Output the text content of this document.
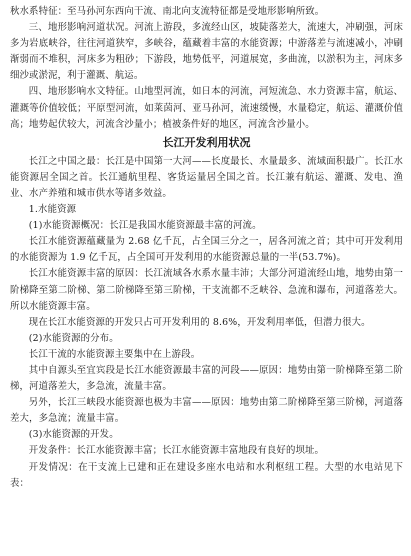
秋水系特征：至马孙河东西向干流、南北向支流特征都是受地形影响所致。

三、地形影响河道状况。河流上游段，多流经山区，坡陡落差大，流速大，冲刷强，河床多为岩底峡谷，往往河道狭窄，多峡谷，蕴藏着丰富的水能资源；中游落差与流速减小，冲刷渐弱而不堆积，河床多为粗砂；下游段，地势低平，河道展宽，多曲流，以淤积为主，河床多细沙或淤泥，利于灌溉、航运。

四、地形影响水文特征。山地型河流，如日本的河流，河短流急、水力资源丰富，航运、灌溉等价值较低；平原型河流，如莱茵河、亚马孙河，流速缓慢，水量稳定，航运、灌溉价值高；地势起伏较大，河流含沙量小；植被条件好的地区，河流含沙量小。

长江开发利用状况

长江之中国之最：长江是中国第一大河——长度最长、水量最多、流域面积最广。长江水能资源居全国之首。长江通航里程、客货运量居全国之首。长江兼有航运、灌溉、发电、渔业、水产养殖和城市供水等诸多效益。

1.水能资源

(1)水能资源概况：长江是我国水能资源最丰富的河流。

长江水能资源蕴藏量为 2.68 亿千瓦，占全国三分之一，居各河流之首；其中可开发利用的水能资源为 1.9 亿千瓦，占全国可开发利用的水能资源总量的一半(53.7%)。

长江水能资源丰富的原因：长江流域各水系水量丰沛；大部分河道流经山地，地势由第一阶梯降至第二阶梯、第二阶梯降至第三阶梯，干支流都不乏峡谷、急流和瀑布，河道落差大。所以水能资源丰富。

现在长江水能资源的开发只占可开发利用的 8.6%，开发利用率低，但潜力很大。

(2)水能资源的分布。

长江干流的水能资源主要集中在上游段。

其中自源头至宜宾段是长江水能资源最丰富的河段——原因：地势由第一阶梯降至第二阶梯，河道落差大，多急流，流量丰富。

另外，长江三峡段水能资源也极为丰富——原因：地势由第二阶梯降至第三阶梯，河道落差大，多急流；流量丰富。

(3)水能资源的开发。

开发条件：长江水能资源丰富；长江水能资源丰富地段有良好的坝址。

开发情况：在干支流上已建和正在建设多座水电站和水利枢纽工程。大型的水电站见下表：
